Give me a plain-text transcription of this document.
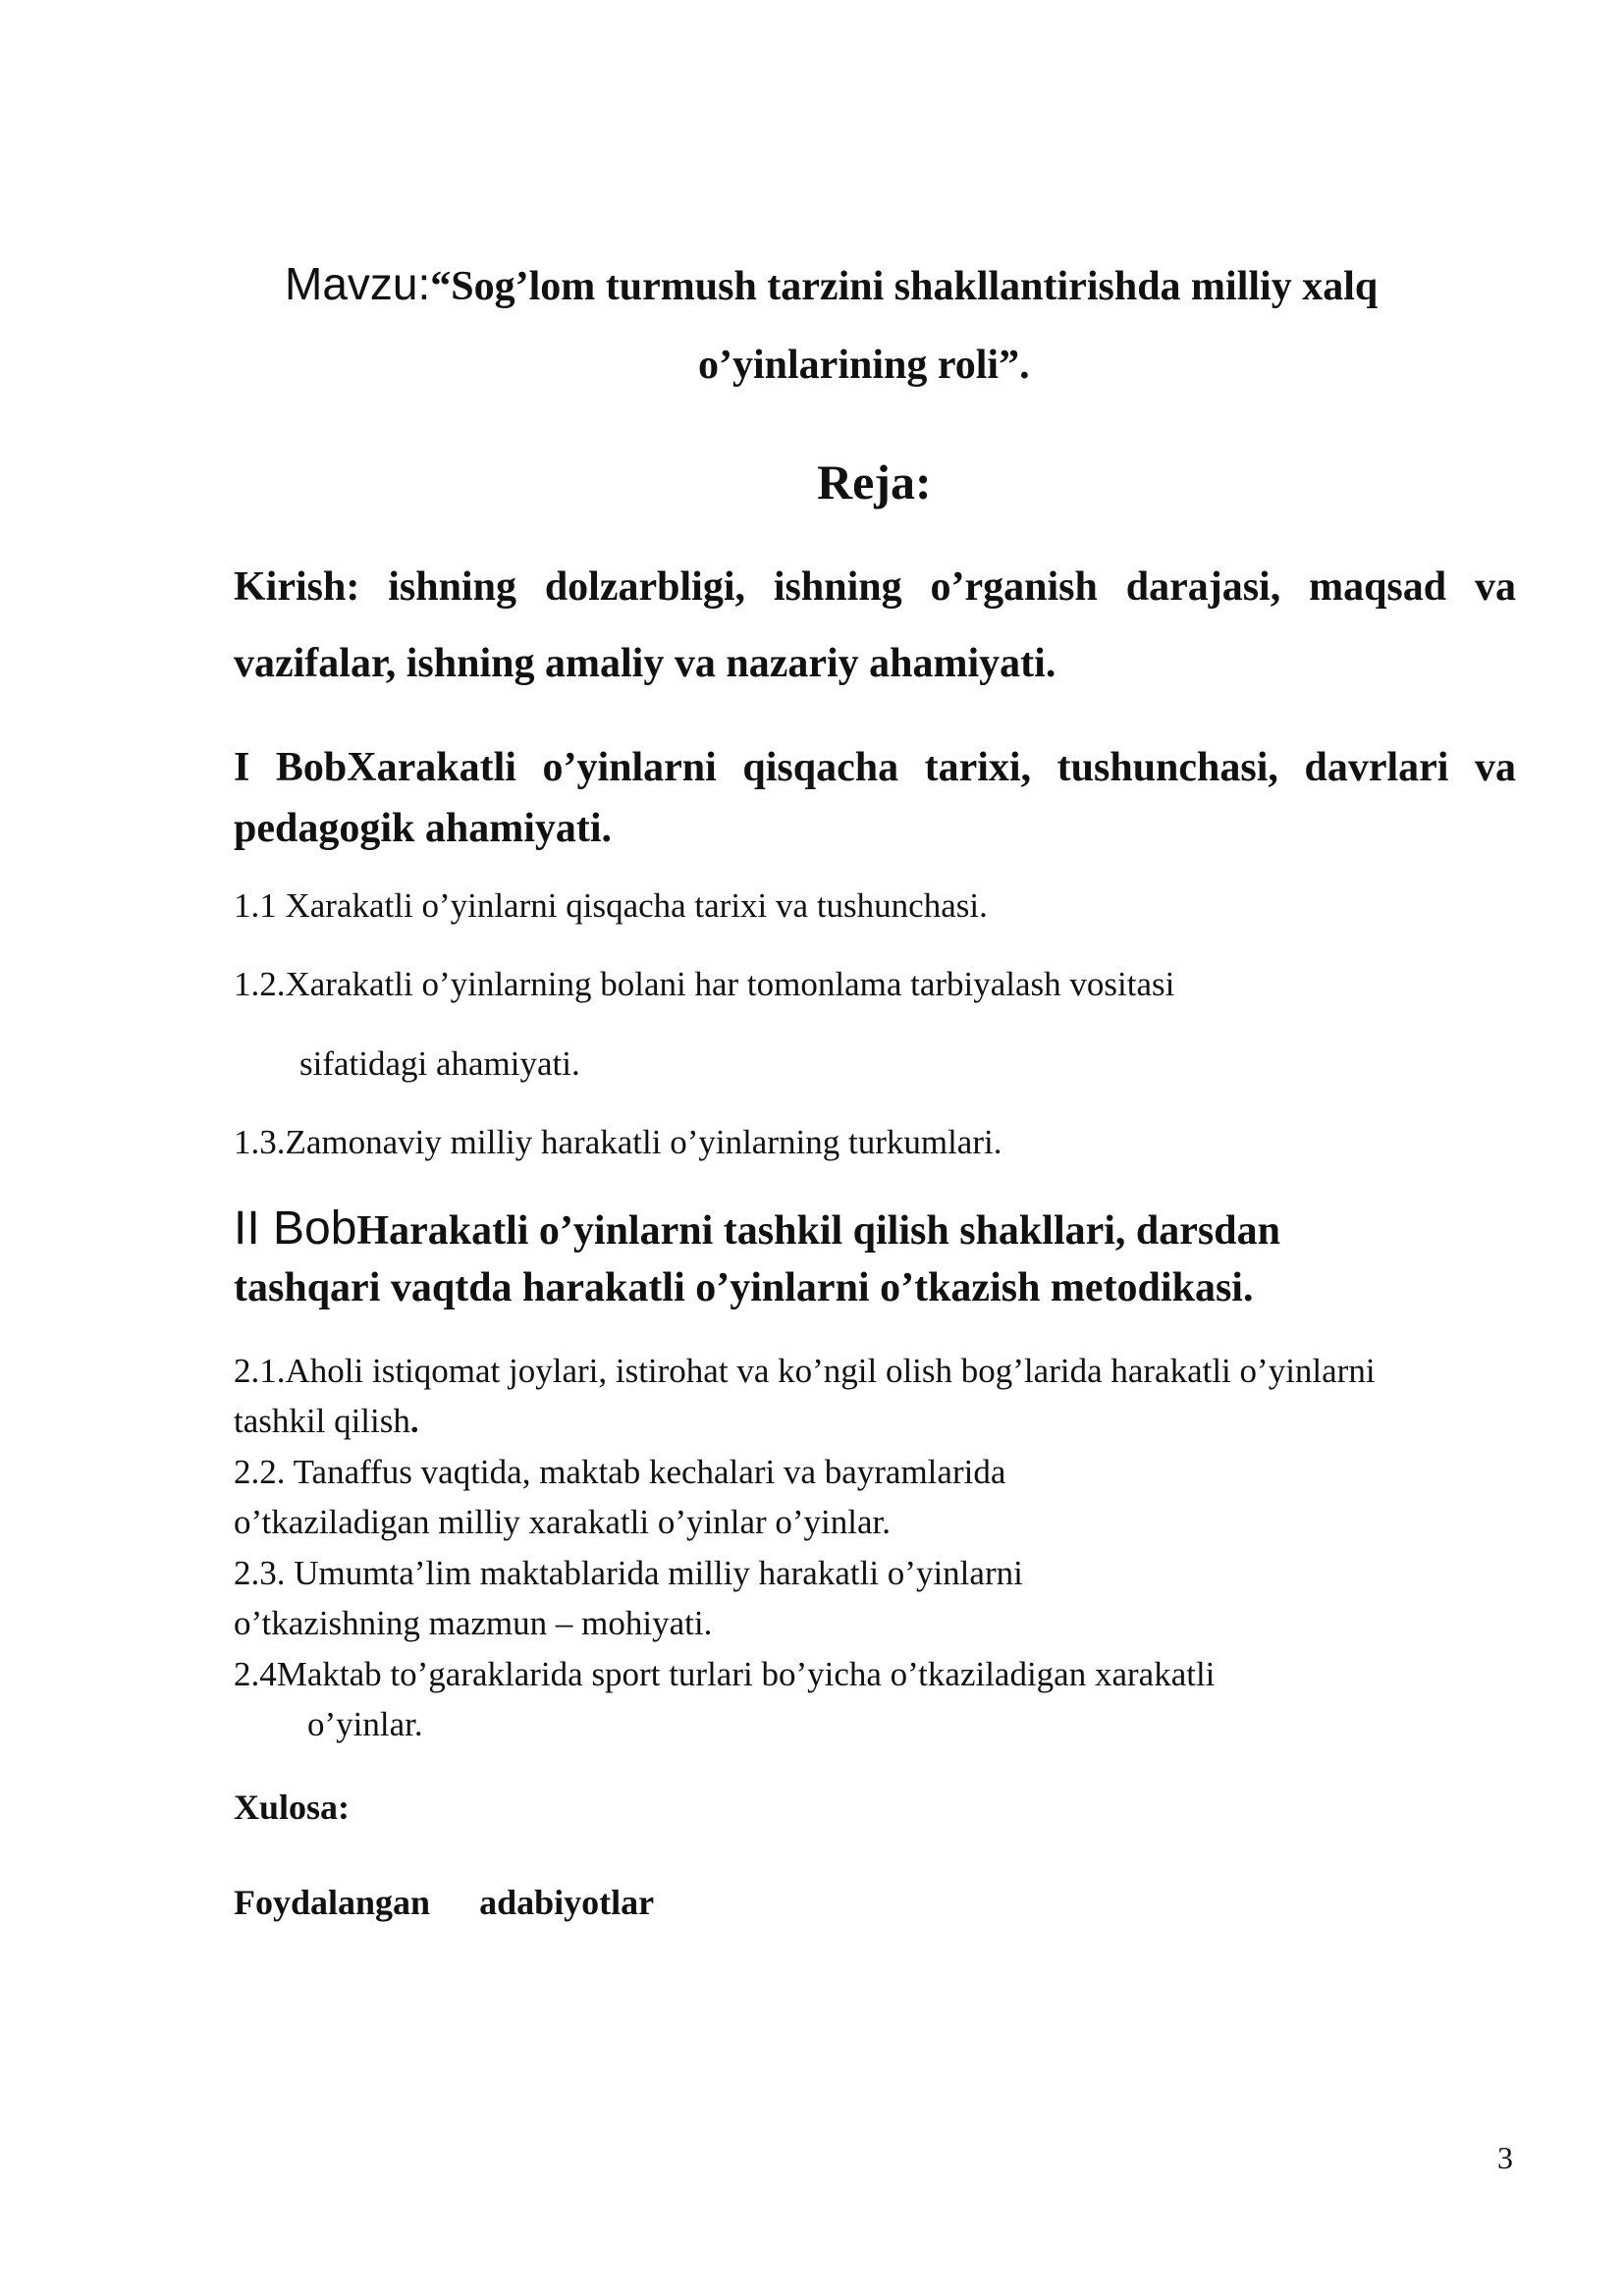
Mavzu:“Sog’lom turmush tarzini shakllantirishda milliy xalq
o’yinlarining roli”.
Reja:
Kirish: ishning dolzarbligi, ishning o’rganish darajasi, maqsad va
vazifalar, ishning amaliy va nazariy ahamiyati.
I BobXarakatli o’yinlarni qisqacha tarixi, tushunchasi, davrlari va
pedagogik ahamiyati.
1.1 Xarakatli o’yinlarni qisqacha tarixi va tushunchasi.
1.2.Xarakatli o’yinlarning bolani har tomonlama tarbiyalash vositasi
sifatidagi ahamiyati.
1.3.Zamonaviy milliy harakatli o’yinlarning turkumlari.
II BobHarakatli o’yinlarni tashkil qilish shakllari, darsdan
tashqari vaqtda harakatli o’yinlarni o’tkazish metodikasi.
2.1.Aholi istiqomat joylari, istirohat va ko’ngil olish bog’larida harakatli o’yinlarni
tashkil qilish.
2.2. Tanaffus vaqtida, maktab kechalari va bayramlarida
o’tkaziladigan milliy xarakatli o’yinlar o’yinlar.
2.3. Umumta’lim maktablarida milliy harakatli o’yinlarni
o’tkazishning mazmun – mohiyati.
2.4Maktab to’garaklarida sport turlari bo’yicha o’tkaziladigan xarakatli
o’yinlar.
Xulosa:
Foydalangan adabiyotlar
3
